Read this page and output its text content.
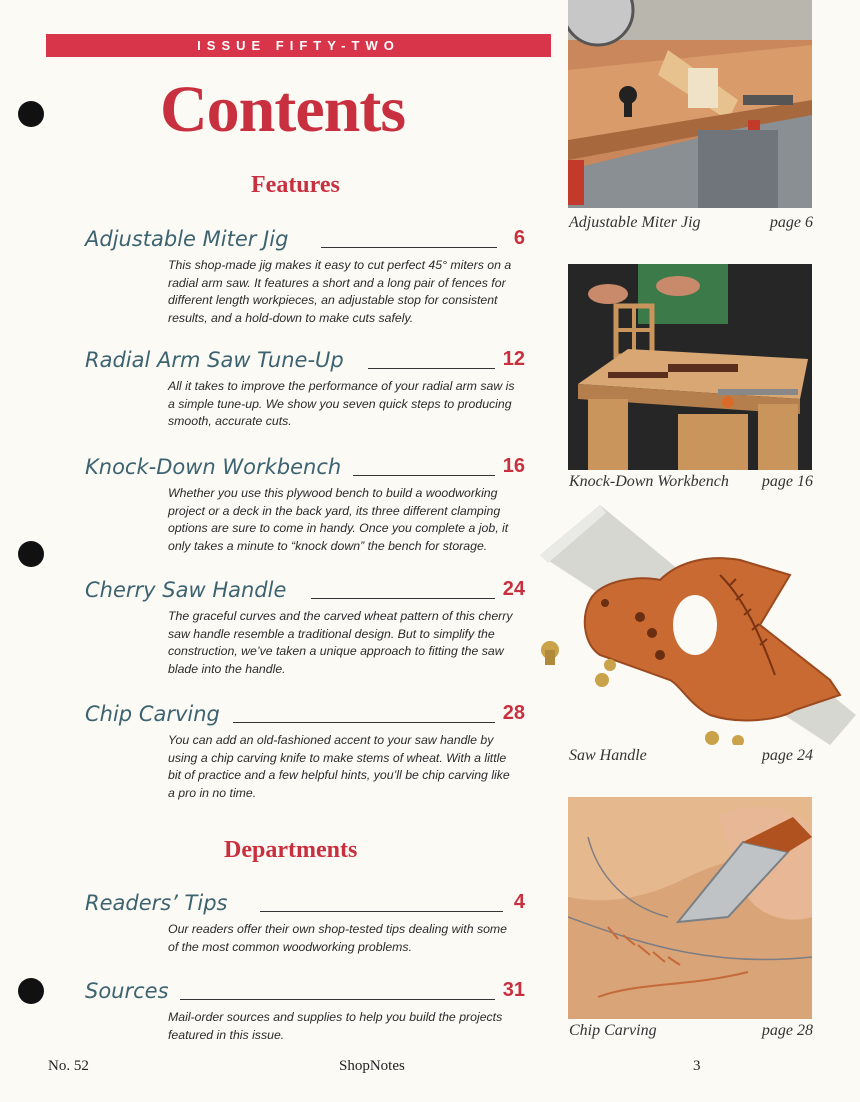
ISSUE FIFTY-TWO
Contents
Features
Adjustable Miter Jig	6
This shop-made jig makes it easy to cut perfect 45° miters on a radial arm saw. It features a short and a long pair of fences for different length workpieces, an adjustable stop for consistent results, and a hold-down to make cuts safely.
Radial Arm Saw Tune-Up	12
All it takes to improve the performance of your radial arm saw is a simple tune-up. We show you seven quick steps to producing smooth, accurate cuts.
Knock-Down Workbench	16
Whether you use this plywood bench to build a woodworking project or a deck in the back yard, its three different clamping options are sure to come in handy. Once you complete a job, it only takes a minute to “knock down” the bench for storage.
Cherry Saw Handle	24
The graceful curves and the carved wheat pattern of this cherry saw handle resemble a traditional design. But to simplify the construction, we’ve taken a unique approach to fitting the saw blade into the handle.
Chip Carving	28
You can add an old-fashioned accent to your saw handle by using a chip carving knife to make stems of wheat. With a little bit of practice and a few helpful hints, you’ll be chip carving like a pro in no time.
Departments
Readers’ Tips	4
Our readers offer their own shop-tested tips dealing with some of the most common woodworking problems.
Sources	31
Mail-order sources and supplies to help you build the projects featured in this issue.
Adjustable Miter Jig	page 6
Knock-Down Workbench page 16
Saw Handle	page 24
Chip Carving	page 28
No. 52	ShopNotes	3
